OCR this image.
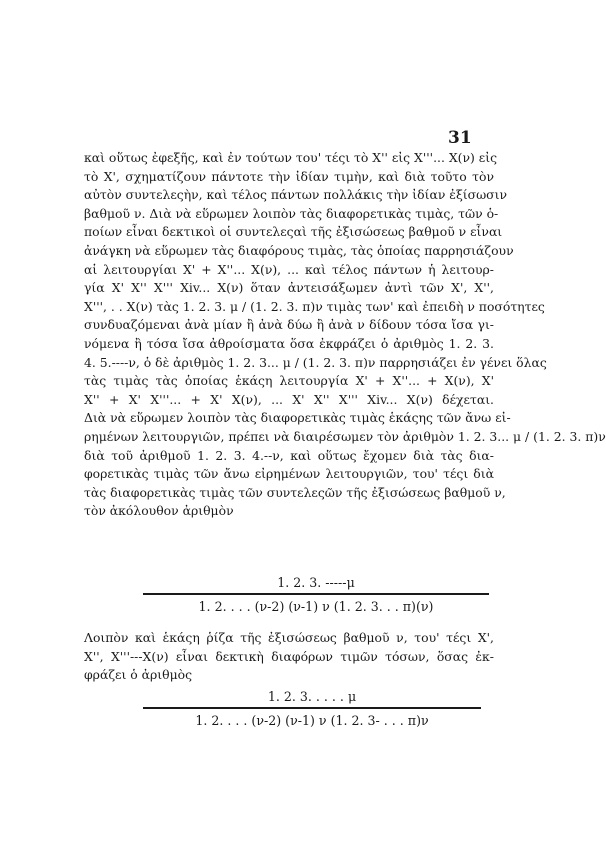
31
καὶ οὕτως ἐφεξῆς, καὶ ἐν τούτων του' τέςι τὸ Χ'' εἰς Χ'''... Χ(ν) εἰς
τὸ Χ', σχηματίζουν πάντοτε τὴν ἰδίαν τιμὴν, καὶ διὰ τοῦτο τὸν
αὐτὸν συντελεςὴν, καὶ τέλος πάντων πολλάκις τὴν ἰδίαν ἐξίσωσιν
βαθμοῦ ν. Διὰ νὰ εὕρωμεν λοιπὸν τὰς διαφορετικὰς τιμὰς, τῶν ὁ-
ποίων εἶναι δεκτικοὶ οἱ συντελεςαὶ τῆς ἐξισώσεως βαθμοῦ ν εἶναι
ἀνάγκη νὰ εὕρωμεν τὰς διαφόρους τιμὰς, τὰς ὁποίας παρρησιάζουν
αἱ λειτουργίαι Χ' + Χ''... Χ(ν), ... καὶ τέλος πάντων ἡ λειτουρ-
γία Χ' Χ'' Χ''' Χiv... Χ(ν) ὅταν ἀντεισάξωμεν ἀντὶ τῶν Χ', Χ'',
Χ''', . . Χ(ν) τὰς 1. 2. 3. μ / (1. 2. 3. π)ν τιμὰς των' καὶ ἐπειδὴ ν ποσότητες
συνδυαζόμεναι ἀνὰ μίαν ἢ ἀνὰ δύω ἢ ἀνὰ ν δίδουν τόσα ἴσα γι-
νόμενα ἢ τόσα ἴσα ἀθροίσματα ὅσα ἐκφράζει ὁ ἀριθμὸς 1. 2. 3.
4. 5.----ν, ὁ δὲ ἀριθμὸς 1. 2. 3... μ / (1. 2. 3. π)ν παρρησιάζει ἐν γένει ὅλας
τὰς τιμὰς τὰς ὁποίας ἑκάςη λειτουργία Χ' + Χ''... + Χ(ν), Χ'
Χ'' + Χ' Χ'''... + Χ' Χ(ν), ... Χ' Χ'' Χ''' Χiv... Χ(ν) δέχεται.
Διὰ νὰ εὕρωμεν λοιπὸν τὰς διαφορετικὰς τιμὰς ἑκάςης τῶν ἄνω εἰ-
ρημένων λειτουργιῶν, πρέπει νὰ διαιρέσωμεν τὸν ἀριθμὸν 1. 2. 3... μ / (1. 2. 3. π)ν
διὰ τοῦ ἀριθμοῦ 1. 2. 3. 4.--ν, καὶ οὕτως ἔχομεν διὰ τὰς δια-
φορετικὰς τιμὰς τῶν ἄνω εἰρημένων λειτουργιῶν, του' τέςι διὰ
τὰς διαφορετικὰς τιμὰς τῶν συντελεςῶν τῆς ἐξισώσεως βαθμοῦ ν,
τὸν ἀκόλουθον ἀριθμὸν
1. 2. 3. -----μ
1. 2. . . . (ν-2) (ν-1) ν (1. 2. 3. . . π)(ν)
Λοιπὸν καὶ ἑκάςη ῥίζα τῆς ἐξισώσεως βαθμοῦ ν, του' τέςι Χ',
Χ'', Χ'''---Χ(ν) εἶναι δεκτικὴ διαφόρων τιμῶν τόσων, ὅσας ἐκ-
φράζει ὁ ἀριθμὸς
1. 2. 3. . . . . μ
1. 2. . . . (ν-2) (ν-1) ν (1. 2. 3- . . . π)ν
